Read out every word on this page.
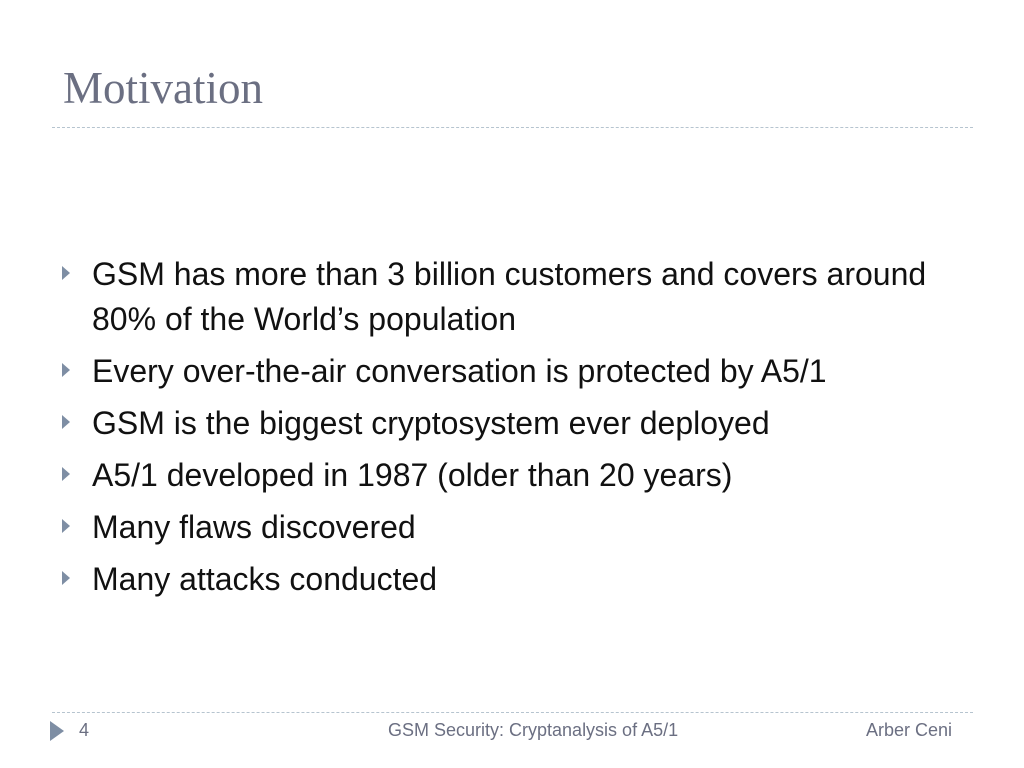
Motivation
GSM has more than 3 billion customers and covers around 80% of the World’s population
Every over-the-air conversation is protected by A5/1
GSM is the biggest cryptosystem ever deployed
A5/1 developed in 1987 (older than 20 years)
Many flaws discovered
Many attacks conducted
4	GSM Security: Cryptanalysis of A5/1	Arber Ceni
